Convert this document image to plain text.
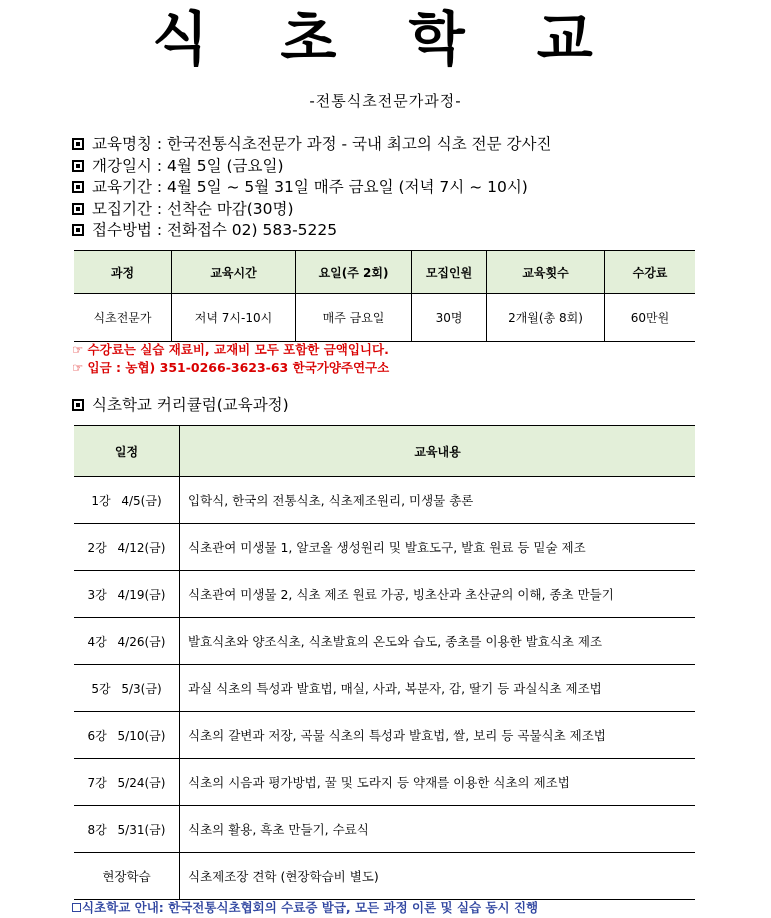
식 초 학 교
-전통식초전문가과정-
교육명칭 : 한국전통식초전문가 과정 - 국내 최고의 식초 전문 강사진
개강일시 : 4월 5일 (금요일)
교육기간 : 4월 5일 ~ 5월 31일 매주 금요일 (저녁 7시 ~ 10시)
모집기간 : 선착순 마감(30명)
접수방법 : 전화접수 02) 583-5225
과정	교육시간	요일(주 2회)	모집인원	교육횟수	수강료
식초전문가	저녁 7시-10시	매주 금요일	30명	2개월(총 8회)	60만원
☞ 수강료는 실습 재료비, 교재비 모두 포함한 금액입니다.
☞ 입금 : 농협) 351-0266-3623-63 한국가양주연구소
식초학교 커리큘럼(교육과정)
일정	교육내용
1강 4/5(금)	입학식, 한국의 전통식초, 식초제조원리, 미생물 총론
2강 4/12(금)	식초관여 미생물 1, 알코올 생성원리 및 발효도구, 발효 원료 등 밑술 제조
3강 4/19(금)	식초관여 미생물 2, 식초 제조 원료 가공, 빙초산과 초산균의 이해, 종초 만들기
4강 4/26(금)	발효식초와 양조식초, 식초발효의 온도와 습도, 종초를 이용한 발효식초 제조
5강 5/3(금)	과실 식초의 특성과 발효법, 매실, 사과, 복분자, 감, 딸기 등 과실식초 제조법
6강 5/10(금)	식초의 갈변과 저장, 곡물 식초의 특성과 발효법, 쌀, 보리 등 곡물식초 제조법
7강 5/24(금)	식초의 시음과 평가방법, 꿀 및 도라지 등 약재를 이용한 식초의 제조법
8강 5/31(금)	식초의 활용, 흑초 만들기, 수료식
현장학습	식초제조장 견학 (현장학습비 별도)
식초학교 안내: 한국전통식초협회의 수료증 발급, 모든 과정 이론 및 실습 동시 진행
